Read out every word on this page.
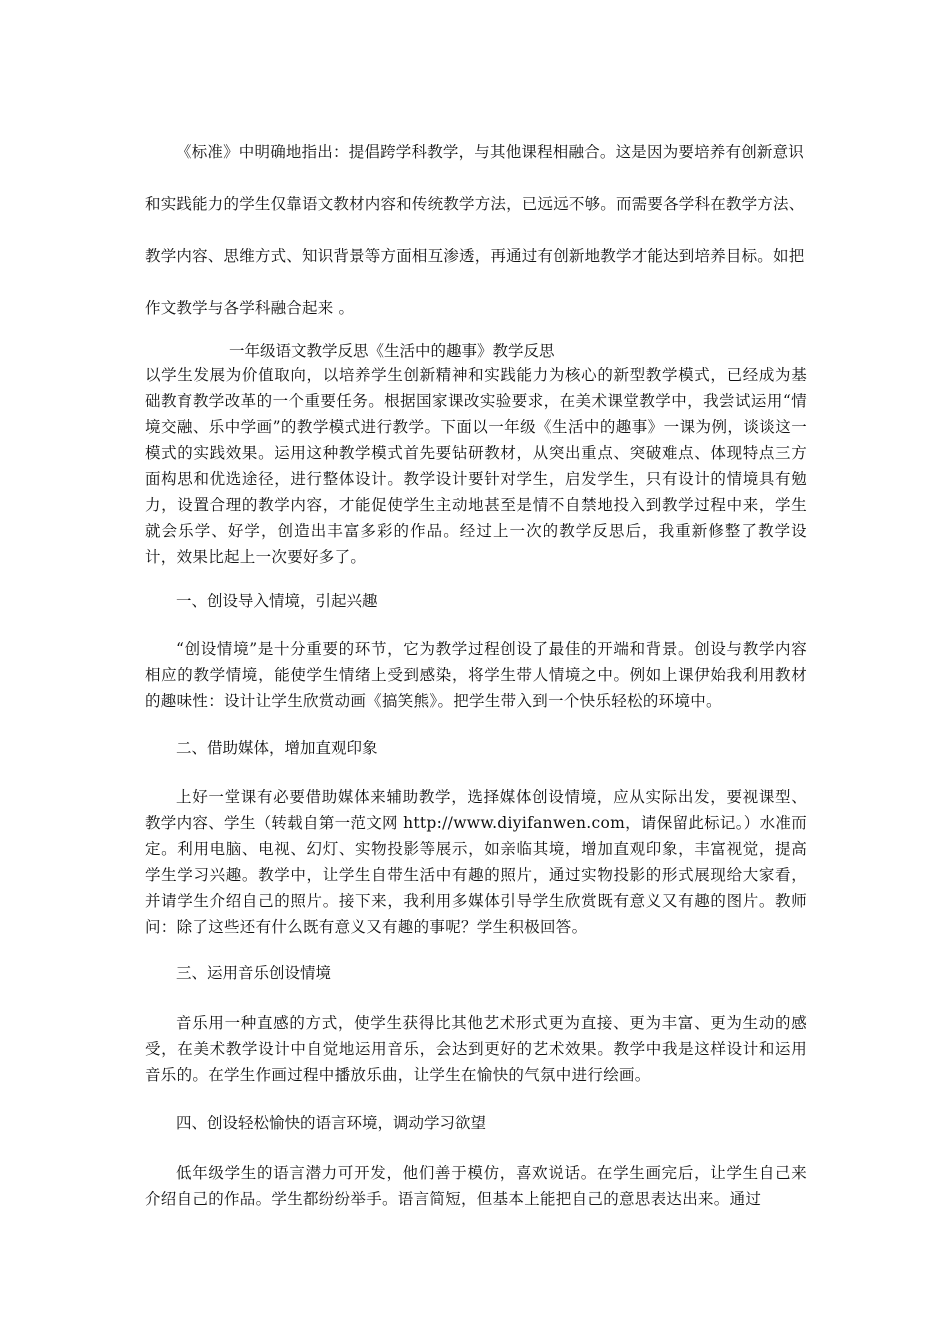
《标准》中明确地指出：提倡跨学科教学，与其他课程相融合。这是因为要培养有创新意识和实践能力的学生仅靠语文教材内容和传统教学方法，已远远不够。而需要各学科在教学方法、教学内容、思维方式、知识背景等方面相互渗透，再通过有创新地教学才能达到培养目标。如把作文教学与各学科融合起来 。

一年级语文教学反思《生活中的趣事》教学反思

以学生发展为价值取向，以培养学生创新精神和实践能力为核心的新型教学模式，已经成为基础教育教学改革的一个重要任务。根据国家课改实验要求，在美术课堂教学中，我尝试运用“情境交融、乐中学画”的教学模式进行教学。下面以一年级《生活中的趣事》一课为例，谈谈这一模式的实践效果。运用这种教学模式首先要钻研教材，从突出重点、突破难点、体现特点三方面构思和优选途径，进行整体设计。教学设计要针对学生，启发学生，只有设计的情境具有勉力，设置合理的教学内容，才能促使学生主动地甚至是情不自禁地投入到教学过程中来，学生就会乐学、好学，创造出丰富多彩的作品。经过上一次的教学反思后，我重新修整了教学设计，效果比起上一次要好多了。

一、创设导入情境，引起兴趣

“创设情境”是十分重要的环节，它为教学过程创设了最佳的开端和背景。创设与教学内容相应的教学情境，能使学生情绪上受到感染，将学生带人情境之中。例如上课伊始我利用教材的趣味性：设计让学生欣赏动画《搞笑熊》。把学生带入到一个快乐轻松的环境中。

二、借助媒体，增加直观印象

上好一堂课有必要借助媒体来辅助教学，选择媒体创设情境，应从实际出发，要视课型、教学内容、学生（转载自第一范文网 http://www.diyifanwen.com，请保留此标记。）水准而定。利用电脑、电视、幻灯、实物投影等展示，如亲临其境，增加直观印象，丰富视觉，提高学生学习兴趣。教学中，让学生自带生活中有趣的照片，通过实物投影的形式展现给大家看，并请学生介绍自己的照片。接下来，我利用多媒体引导学生欣赏既有意义又有趣的图片。教师问：除了这些还有什么既有意义又有趣的事呢？学生积极回答。

三、运用音乐创设情境

音乐用一种直感的方式，使学生获得比其他艺术形式更为直接、更为丰富、更为生动的感受，在美术教学设计中自觉地运用音乐，会达到更好的艺术效果。教学中我是这样设计和运用音乐的。在学生作画过程中播放乐曲，让学生在愉快的气氛中进行绘画。

四、创设轻松愉快的语言环境，调动学习欲望

低年级学生的语言潜力可开发，他们善于模仿，喜欢说话。在学生画完后，让学生自己来介绍自己的作品。学生都纷纷举手。语言简短，但基本上能把自己的意思表达出来。通过
